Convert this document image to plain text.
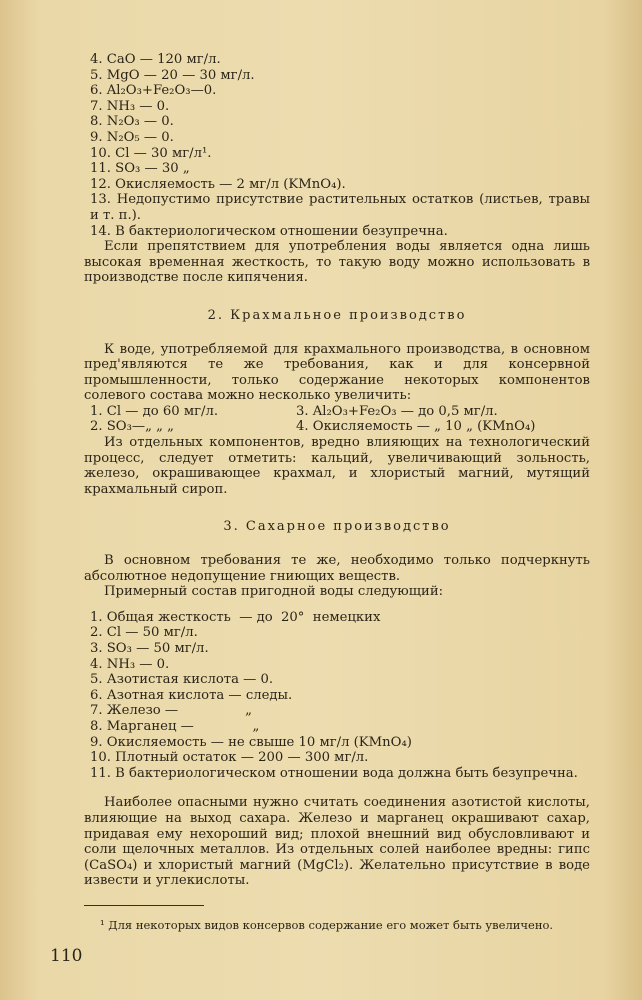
4. CaO — 120 мг/л.
5. MgO — 20 — 30 мг/л.
6. Al₂O₃+Fe₂O₃—0.
7. NH₃ — 0.
8. N₂O₃ — 0.
9. N₂O₅ — 0.
10. Cl — 30 мг/л¹.
11. SO₃ — 30 „
12. Окисляемость — 2 мг/л (KMnO₄).

13. Недопустимо присутствие растительных остатков (листьев, травы и т. п.).

14. В бактериологическом отношении безупречна.

Если препятствием для употребления воды является одна лишь высокая временная жесткость, то такую воду можно использовать в производстве после кипячения.

2. Крахмальное производство

К воде, употребляемой для крахмального производства, в основном пред'являются те же требования, как и для консервной промышленности, только содержание некоторых компонентов солевого состава можно несколько увеличить:

1. Cl — до 60 мг/л.
2. SO₃—„ „ „
3. Al₂O₃+Fe₂O₃ — до 0,5 мг/л.
4. Окисляемость — „ 10 „ (KMnO₄)

Из отдельных компонентов, вредно влияющих на технологический процесс, следует отметить: кальций, увеличивающий зольность, железо, окрашивающее крахмал, и хлористый магний, мутящий крахмальный сироп.

3. Сахарное производство

В основном требования те же, необходимо только подчеркнуть абсолютное недопущение гниющих веществ.

Примерный состав пригодной воды следующий:

1. Общая жесткость  — до  20°  немецких
2. Cl — 50 мг/л.
3. SO₃ — 50 мг/л.
4. NH₃ — 0.
5. Азотистая кислота — 0.
6. Азотная кислота — следы.
7. Железо —                „
8. Марганец —              „
9. Окисляемость — не свыше 10 мг/л (KMnO₄)
10. Плотный остаток — 200 — 300 мг/л.
11. В бактериологическом отношении вода должна быть безупречна.

Наиболее опасными нужно считать соединения азотистой кислоты, влияющие на выход сахара. Железо и марганец окрашивают сахар, придавая ему нехороший вид; плохой внешний вид обусловливают и соли щелочных металлов. Из отдельных солей наиболее вредны: гипс (CaSO₄) и хлористый магний (MgCl₂). Желательно присутствие в воде извести и углекислоты.

¹ Для некоторых видов консервов содержание его может быть увеличено.
110
